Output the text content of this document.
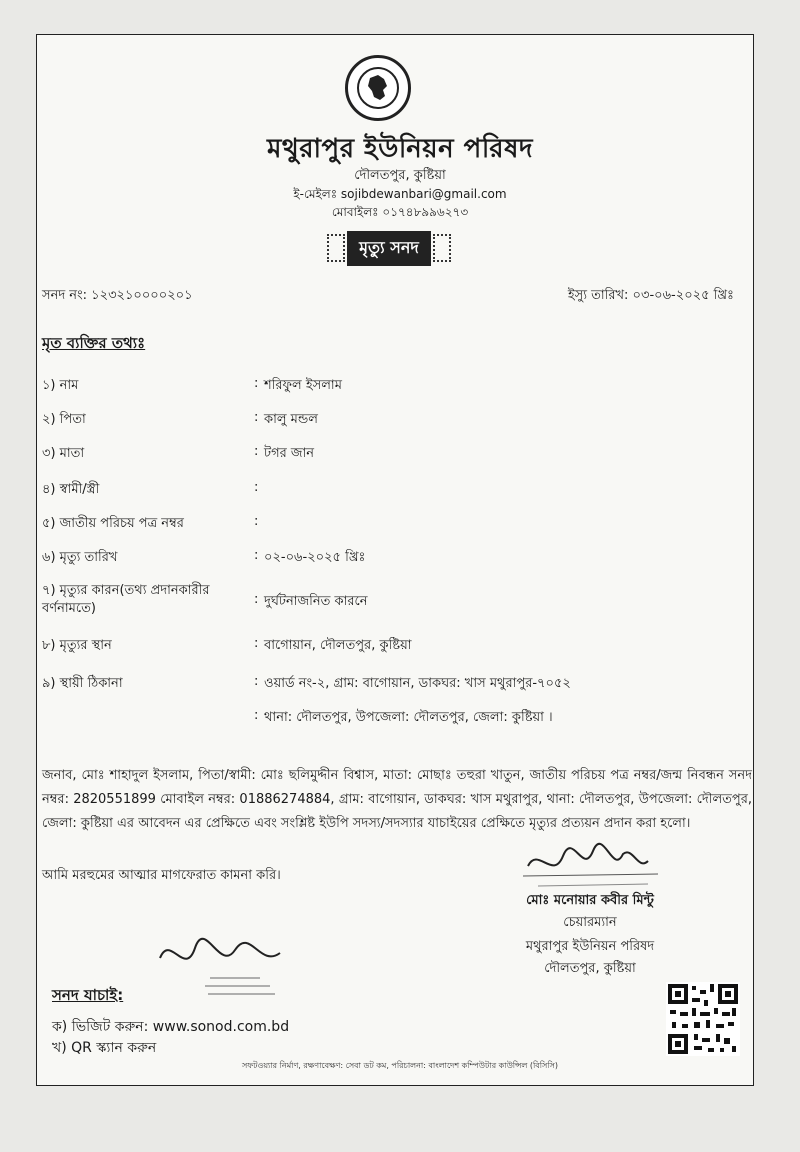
মথুরাপুর ইউনিয়ন পরিষদ
দৌলতপুর, কুষ্টিয়া
ই-মেইলঃ sojibdewanbari@gmail.com
মোবাইলঃ ০১৭৪৮৯৯৬২৭৩
মৃত্যু সনদ
সনদ নং: ১২৩২১০০০০২০১	ইস্যু তারিখ: ০৩-০৬-২০২৫ খ্রিঃ
মৃত ব্যক্তির তথ্যঃ
১) নাম	: শরিফুল ইসলাম
২) পিতা	: কালু মন্ডল
৩) মাতা	: টগর জান
৪) স্বামী/স্ত্রী	:
৫) জাতীয় পরিচয় পত্র নম্বর	:
৬) মৃত্যু তারিখ	: ০২-০৬-২০২৫ খ্রিঃ
৭) মৃত্যুর কারন(তথ্য প্রদানকারীর বর্ণনামতে)
: দুর্ঘটনাজনিত কারনে
৮) মৃত্যুর স্থান	: বাগোয়ান, দৌলতপুর, কুষ্টিয়া
৯) স্থায়ী ঠিকানা	: ওয়ার্ড নং-২, গ্রাম: বাগোয়ান, ডাকঘর: খাস মথুরাপুর-৭০৫২
: থানা: দৌলতপুর, উপজেলা: দৌলতপুর, জেলা: কুষ্টিয়া ।
জনাব, মোঃ শাহাদুল ইসলাম, পিতা/স্বামী: মোঃ ছলিমুদ্দীন বিশ্বাস, মাতা: মোছাঃ তহুরা খাতুন, জাতীয় পরিচয় পত্র নম্বর/জন্ম নিবন্ধন সনদ নম্বর: 2820551899 মোবাইল নম্বর: 01886274884, গ্রাম: বাগোয়ান, ডাকঘর: খাস মথুরাপুর, থানা: দৌলতপুর, উপজেলা: দৌলতপুর, জেলা: কুষ্টিয়া এর আবেদন এর প্রেক্ষিতে এবং সংশ্লিষ্ট ইউপি সদস্য/সদস্যার যাচাইয়ের প্রেক্ষিতে মৃত্যুর প্রত্যয়ন প্রদান করা হলো।
আমি মরহুমের আত্মার মাগফেরাত কামনা করি।
মোঃ মনোয়ার কবীর মিন্টু
চেয়ারম্যান
মথুরাপুর ইউনিয়ন পরিষদ
দৌলতপুর, কুষ্টিয়া
সনদ যাচাই:
ক) ভিজিট করুন: www.sonod.com.bd
খ) QR স্ক্যান করুন
সফটওয়্যার নির্মাণ, রক্ষণাবেক্ষণ: সেবা ডট কম, পরিচালনা: বাংলাদেশ কম্পিউটার কাউন্সিল (বিসিসি)
